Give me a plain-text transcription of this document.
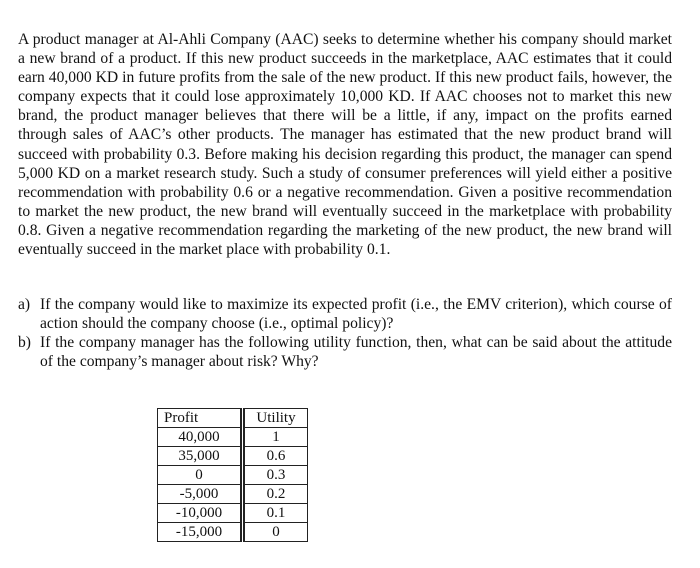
A product manager at Al-Ahli Company (AAC) seeks to determine whether his company should market a new brand of a product. If this new product succeeds in the marketplace, AAC estimates that it could earn 40,000 KD in future profits from the sale of the new product. If this new product fails, however, the company expects that it could lose approximately 10,000 KD. If AAC chooses not to market this new brand, the product manager believes that there will be a little, if any, impact on the profits earned through sales of AAC’s other products. The manager has estimated that the new product brand will succeed with probability 0.3. Before making his decision regarding this product, the manager can spend 5,000 KD on a market research study. Such a study of consumer preferences will yield either a positive recommendation with probability 0.6 or a negative recommendation. Given a positive recommendation to market the new product, the new brand will eventually succeed in the marketplace with probability 0.8. Given a negative recommendation regarding the marketing of the new product, the new brand will eventually succeed in the market place with probability 0.1.
a) If the company would like to maximize its expected profit (i.e., the EMV criterion), which course of action should the company choose (i.e., optimal policy)?
b) If the company manager has the following utility function, then, what can be said about the attitude of the company’s manager about risk? Why?
Profit	Utility
40,000	1
35,000	0.6
0	0.3
-5,000	0.2
-10,000	0.1
-15,000	0
